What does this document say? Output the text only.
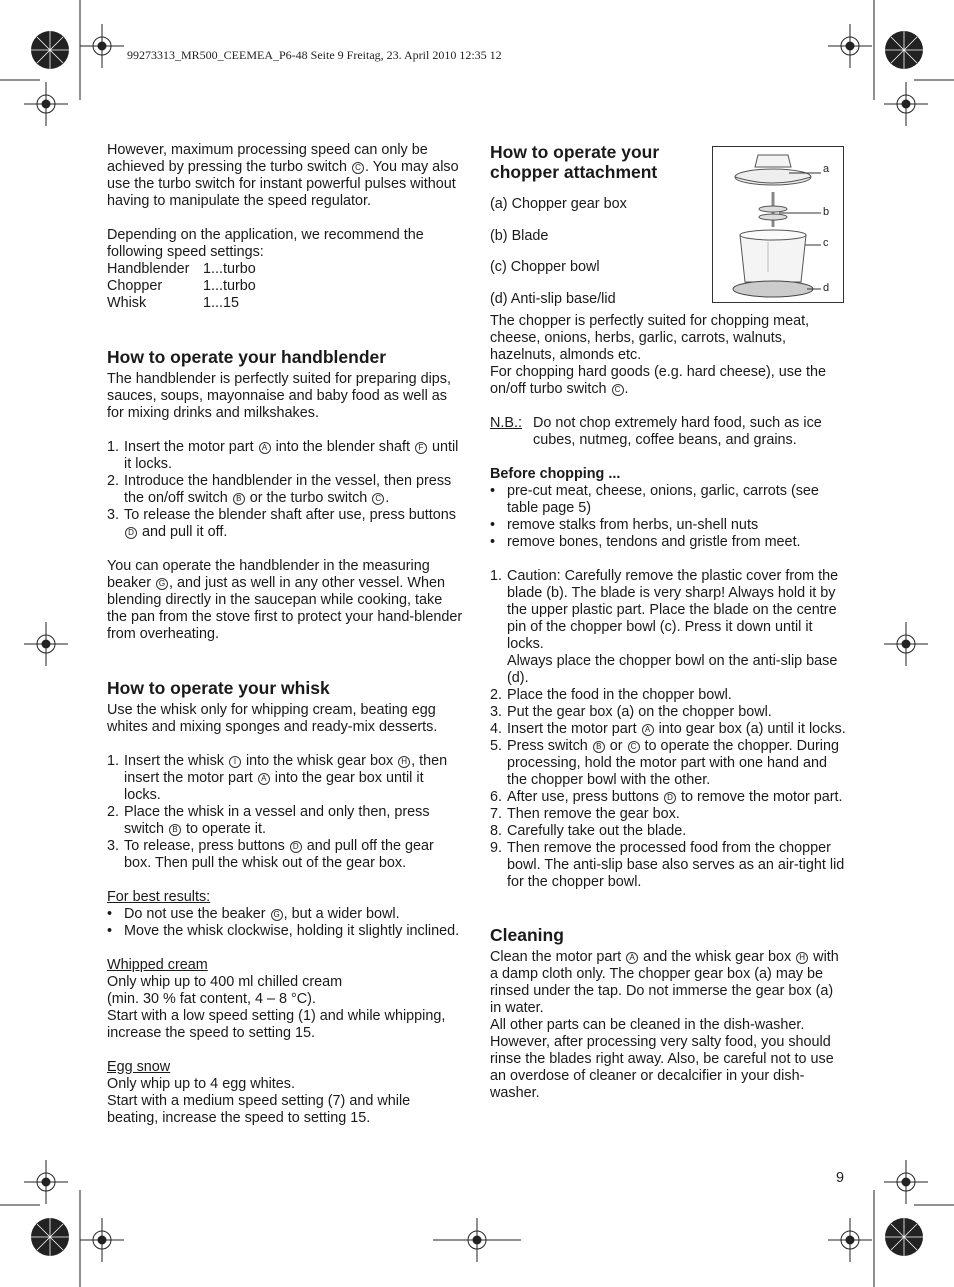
99273313_MR500_CEEMEA_P6-48 Seite 9 Freitag, 23. April 2010 12:35 12

However, maximum processing speed can only be achieved by pressing the turbo switch C . You may also use the turbo switch for instant powerful pulses without having to manipulate the speed regulator.

Depending on the application, we recommend the following speed settings:

Handblender	1...turbo
Chopper	1...turbo
Whisk	1...15
How to operate your handblender

The handblender is perfectly suited for preparing dips, sauces, soups, mayonnaise and baby food as well as for mixing drinks and milkshakes.

1. Insert the motor part A into the blender shaft F until it locks.
2. Introduce the handblender in the vessel, then press the on/off switch B or the turbo switch C .
3. To release the blender shaft after use, press buttons D and pull it off.

You can operate the handblender in the measuring beaker G , and just as well in any other vessel. When blending directly in the saucepan while cooking, take the pan from the stove first to protect your hand-blender from overheating.

How to operate your whisk

Use the whisk only for whipping cream, beating egg whites and mixing sponges and ready-mix desserts.

1. Insert the whisk I into the whisk gear box H , then insert the motor part A into the gear box until it locks.
2. Place the whisk in a vessel and only then, press switch B to operate it.
3. To release, press buttons D and pull off the gear box. Then pull the whisk out of the gear box.

For best results:

• Do not use the beaker G , but a wider bowl.
• Move the whisk clockwise, holding it slightly inclined.

Whipped cream

Only whip up to 400 ml chilled cream

(min. 30 % fat content, 4 – 8 °C).

Start with a low speed setting (1) and while whipping, increase the speed to setting 15.

Egg snow

Only whip up to 4 egg whites.

Start with a medium speed setting (7) and while beating, increase the speed to setting 15.

How to operate your chopper attachment

(a) Chopper gear box

(b) Blade

(c) Chopper bowl

(d) Anti-slip base/lid

a
b
c
d

The chopper is perfectly suited for chopping meat, cheese, onions, herbs, garlic, carrots, walnuts, hazelnuts, almonds etc.

For chopping hard goods (e.g. hard cheese), use the on/off turbo switch C .

N.B.: Do not chop extremely hard food, such as ice cubes, nutmeg, coffee beans, and grains.

Before chopping ...

• pre-cut meat, cheese, onions, garlic, carrots (see table page 5)
• remove stalks from herbs, un-shell nuts
• remove bones, tendons and gristle from meet.
1. Caution: Carefully remove the plastic cover from the blade (b). The blade is very sharp! Always hold it by the upper plastic part. Place the blade on the centre pin of the chopper bowl (c). Press it down until it locks.
Always place the chopper bowl on the anti-slip base (d).
2. Place the food in the chopper bowl.
3. Put the gear box (a) on the chopper bowl.
4. Insert the motor part A into gear box (a) until it locks.
5. Press switch B or C to operate the chopper. During processing, hold the motor part with one hand and the chopper bowl with the other.
6. After use, press buttons D to remove the motor part.
7. Then remove the gear box.
8. Carefully take out the blade.
9. Then remove the processed food from the chopper bowl. The anti-slip base also serves as an air-tight lid for the chopper bowl.
Cleaning

Clean the motor part A and the whisk gear box H with a damp cloth only. The chopper gear box (a) may be rinsed under the tap. Do not immerse the gear box (a) in water.

All other parts can be cleaned in the dish-washer. However, after processing very salty food, you should rinse the blades right away. Also, be careful not to use an overdose of cleaner or decalcifier in your dish-washer.

9
